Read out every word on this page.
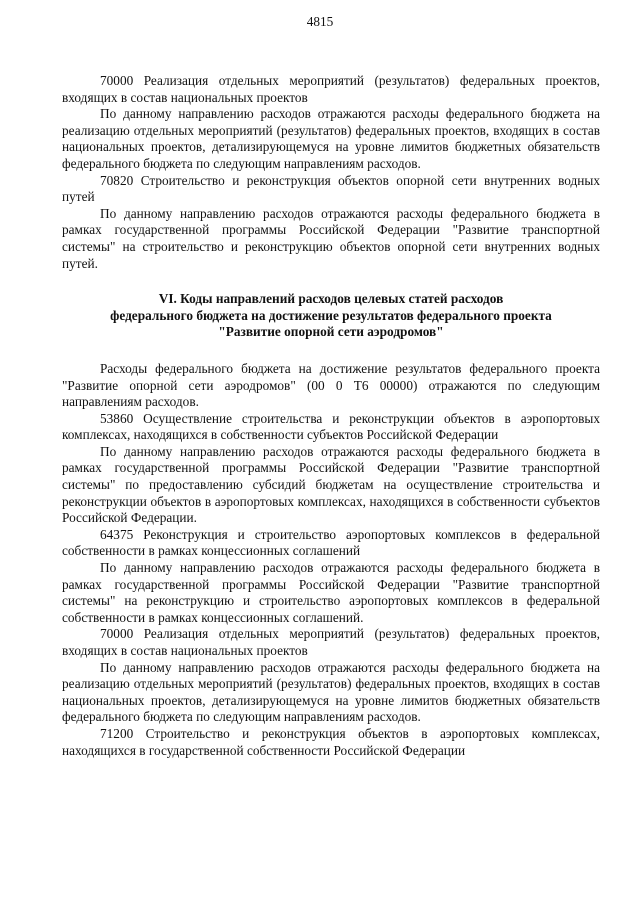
4815

70000 Реализация отдельных мероприятий (результатов) федеральных проектов, входящих в состав национальных проектов

По данному направлению расходов отражаются расходы федерального бюджета на реализацию отдельных мероприятий (результатов) федеральных проектов, входящих в состав национальных проектов, детализирующемуся на уровне лимитов бюджетных обязательств федерального бюджета по следующим направлениям расходов.

70820 Строительство и реконструкция объектов опорной сети внутренних водных путей

По данному направлению расходов отражаются расходы федерального бюджета в рамках государственной программы Российской Федерации "Развитие транспортной системы" на строительство и реконструкцию объектов опорной сети внутренних водных путей.

VI. Коды направлений расходов целевых статей расходов
федерального бюджета на достижение результатов федерального проекта
"Развитие опорной сети аэродромов"

Расходы федерального бюджета на достижение результатов федерального проекта "Развитие опорной сети аэродромов" (00 0 Т6 00000) отражаются по следующим направлениям расходов.

53860 Осуществление строительства и реконструкции объектов в аэропортовых комплексах, находящихся в собственности субъектов Российской Федерации

По данному направлению расходов отражаются расходы федерального бюджета в рамках государственной программы Российской Федерации "Развитие транспортной системы" по предоставлению субсидий бюджетам на осуществление строительства и реконструкции объектов в аэропортовых комплексах, находящихся в собственности субъектов Российской Федерации.

64375 Реконструкция и строительство аэропортовых комплексов в федеральной собственности в рамках концессионных соглашений

По данному направлению расходов отражаются расходы федерального бюджета в рамках государственной программы Российской Федерации "Развитие транспортной системы" на реконструкцию и строительство аэропортовых комплексов в федеральной собственности в рамках концессионных соглашений.

70000 Реализация отдельных мероприятий (результатов) федеральных проектов, входящих в состав национальных проектов

По данному направлению расходов отражаются расходы федерального бюджета на реализацию отдельных мероприятий (результатов) федеральных проектов, входящих в состав национальных проектов, детализирующемуся на уровне лимитов бюджетных обязательств федерального бюджета по следующим направлениям расходов.

71200 Строительство и реконструкция объектов в аэропортовых комплексах, находящихся в государственной собственности Российской Федерации
